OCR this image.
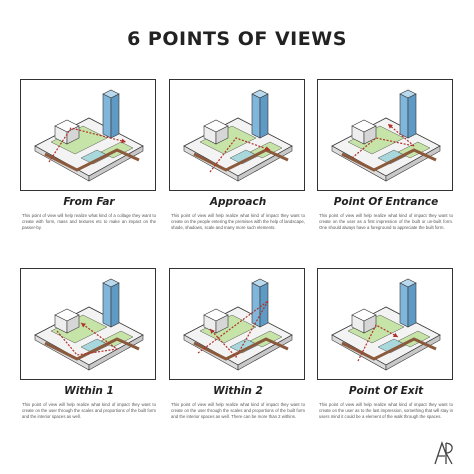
6 POINTS OF VIEWS
From Far
This point of view will help realize what kind of a collage they want to create with form, mass and textures etc to make an impact on the passer-by.
Approach
This point of view will help realize what kind of impact they want to create on the people entering the premises with the help of landscape, shade, shadows, scale and many more such elements.
Point Of Entrance
This point of view will help realize what kind of impact they want to create on the user as a first impression of the built or un-built form. One should always have a foreground to appreciate the built form.
Within 1
This point of view will help realize what kind of impact they want to create on the user through the scales and proportions of the built form and the interior spaces as well.
Within 2
This point of view will help realize what kind of impact they want to create on the user through the scales and proportions of the built form and the interior spaces as well. There can be more than 2 withins.
Point Of Exit
This point of view will help realize what kind of impact they want to create on the user as to the last impression, something that will stay in users mind it could be a element of the walk through the spaces.
